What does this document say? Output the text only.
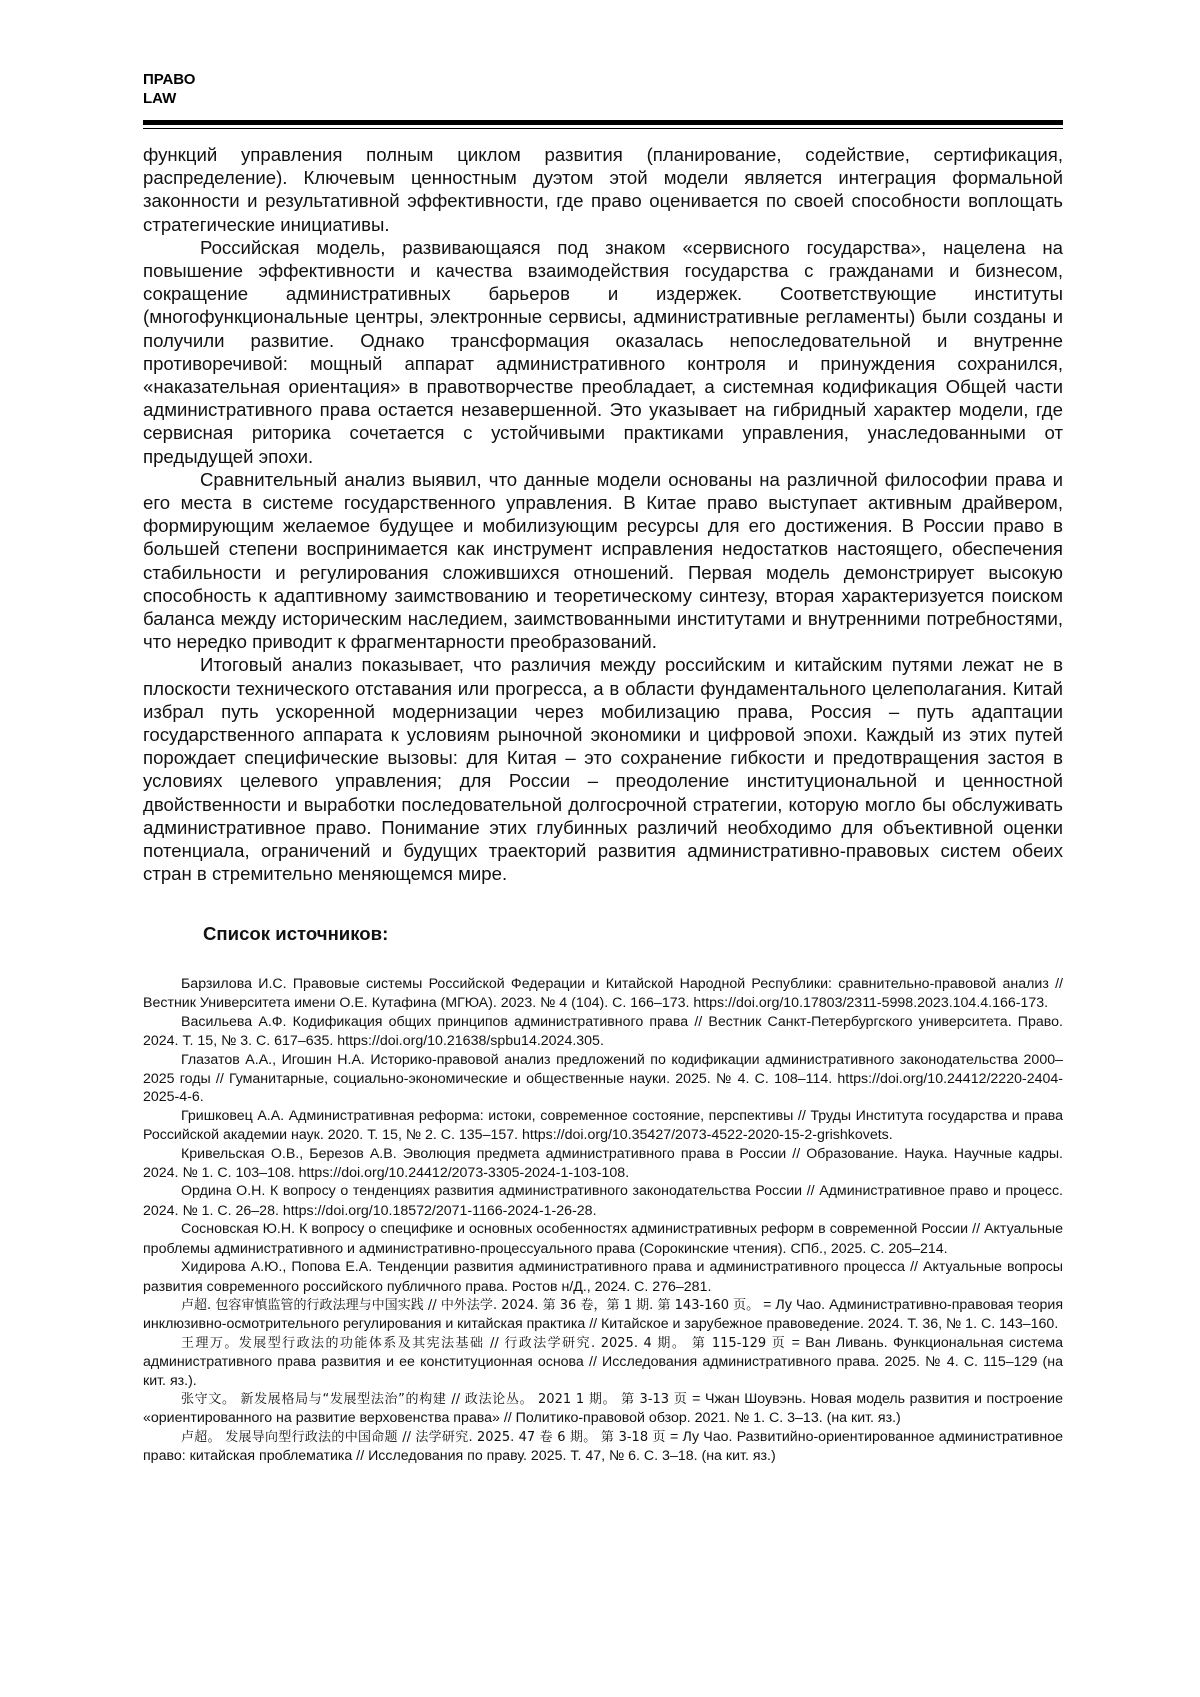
ПРАВО
LAW

функций управления полным циклом развития (планирование, содействие, сертификация, распределение). Ключевым ценностным дуэтом этой модели является интеграция формальной законности и результативной эффективности, где право оценивается по своей способности воплощать стратегические инициативы.

Российская модель, развивающаяся под знаком «сервисного государства», нацелена на повышение эффективности и качества взаимодействия государства с гражданами и бизнесом, сокращение административных барьеров и издержек. Соответствующие институты (многофункциональные центры, электронные сервисы, административные регламенты) были созданы и получили развитие. Однако трансформация оказалась непоследовательной и внутренне противоречивой: мощный аппарат административного контроля и принуждения сохранился, «наказательная ориентация» в правотворчестве преобладает, а системная кодификация Общей части административного права остается незавершенной. Это указывает на гибридный характер модели, где сервисная риторика сочетается с устойчивыми практиками управления, унаследованными от предыдущей эпохи.

Сравнительный анализ выявил, что данные модели основаны на различной философии права и его места в системе государственного управления. В Китае право выступает активным драйвером, формирующим желаемое будущее и мобилизующим ресурсы для его достижения. В России право в большей степени воспринимается как инструмент исправления недостатков настоящего, обеспечения стабильности и регулирования сложившихся отношений. Первая модель демонстрирует высокую способность к адаптивному заимствованию и теоретическому синтезу, вторая характеризуется поиском баланса между историческим наследием, заимствованными институтами и внутренними потребностями, что нередко приводит к фрагментарности преобразований.

Итоговый анализ показывает, что различия между российским и китайским путями лежат не в плоскости технического отставания или прогресса, а в области фундаментального целеполагания. Китай избрал путь ускоренной модернизации через мобилизацию права, Россия – путь адаптации государственного аппарата к условиям рыночной экономики и цифровой эпохи. Каждый из этих путей порождает специфические вызовы: для Китая – это сохранение гибкости и предотвращения застоя в условиях целевого управления; для России – преодоление институциональной и ценностной двойственности и выработки последовательной долгосрочной стратегии, которую могло бы обслуживать административное право. Понимание этих глубинных различий необходимо для объективной оценки потенциала, ограничений и будущих траекторий развития административно-правовых систем обеих стран в стремительно меняющемся мире.

Список источников:

Барзилова И.С. Правовые системы Российской Федерации и Китайской Народной Республики: сравнительно-правовой анализ // Вестник Университета имени О.Е. Кутафина (МГЮА). 2023. № 4 (104). С. 166–173. https://doi.org/10.17803/2311-5998.2023.104.4.166-173.

Васильева А.Ф. Кодификация общих принципов административного права // Вестник Санкт-Петербургского университета. Право. 2024. Т. 15, № 3. С. 617–635. https://doi.org/10.21638/spbu14.2024.305.

Глазатов А.А., Игошин Н.А. Историко-правовой анализ предложений по кодификации административного законодательства 2000–2025 годы // Гуманитарные, социально-экономические и общественные науки. 2025. № 4. С. 108–114. https://doi.org/10.24412/2220-2404-2025-4-6.

Гришковец А.А. Административная реформа: истоки, современное состояние, перспективы // Труды Института государства и права Российской академии наук. 2020. Т. 15, № 2. С. 135–157. https://doi.org/10.35427/2073-4522-2020-15-2-grishkovets.

Кривельская О.В., Березов А.В. Эволюция предмета административного права в России // Образование. Наука. Научные кадры. 2024. № 1. С. 103–108. https://doi.org/10.24412/2073-3305-2024-1-103-108.

Ордина О.Н. К вопросу о тенденциях развития административного законодательства России // Административное право и процесс. 2024. № 1. С. 26–28. https://doi.org/10.18572/2071-1166-2024-1-26-28.

Сосновская Ю.Н. К вопросу о специфике и основных особенностях административных реформ в современной России // Актуальные проблемы административного и административно-процессуального права (Сорокинские чтения). СПб., 2025. С. 205–214.

Хидирова А.Ю., Попова Е.А. Тенденции развития административного права и административного процесса // Актуальные вопросы развития современного российского публичного права. Ростов н/Д., 2024. С. 276–281.

卢超. 包容审慎监管的行政法理与中国实践 // 中外法学. 2024. 第 36 卷，第 1 期. 第 143-160 页。 = Лу Чао. Административно-правовая теория инклюзивно-осмотрительного регулирования и китайская практика // Китайское и зарубежное правоведение. 2024. Т. 36, № 1. С. 143–160.

王理万。发展型行政法的功能体系及其宪法基础 // 行政法学研究. 2025. 4 期。 第 115-129 页 = Ван Ливань. Функциональная система административного права развития и ее конституционная основа // Исследования административного права. 2025. № 4. С. 115–129 (на кит. яз.).

张守文。 新发展格局与“发展型法治”的构建 // 政法论丛。 2021 1 期。 第 3-13 页 = Чжан Шоувэнь. Новая модель развития и построение «ориентированного на развитие верховенства права» // Политико-правовой обзор. 2021. № 1. С. 3–13. (на кит. яз.)

卢超。 发展导向型行政法的中国命题 // 法学研究. 2025. 47 卷 6 期。 第 3-18 页 = Лу Чао. Развитийно-ориентированное административное право: китайская проблематика // Исследования по праву. 2025. Т. 47, № 6. С. 3–18. (на кит. яз.)
